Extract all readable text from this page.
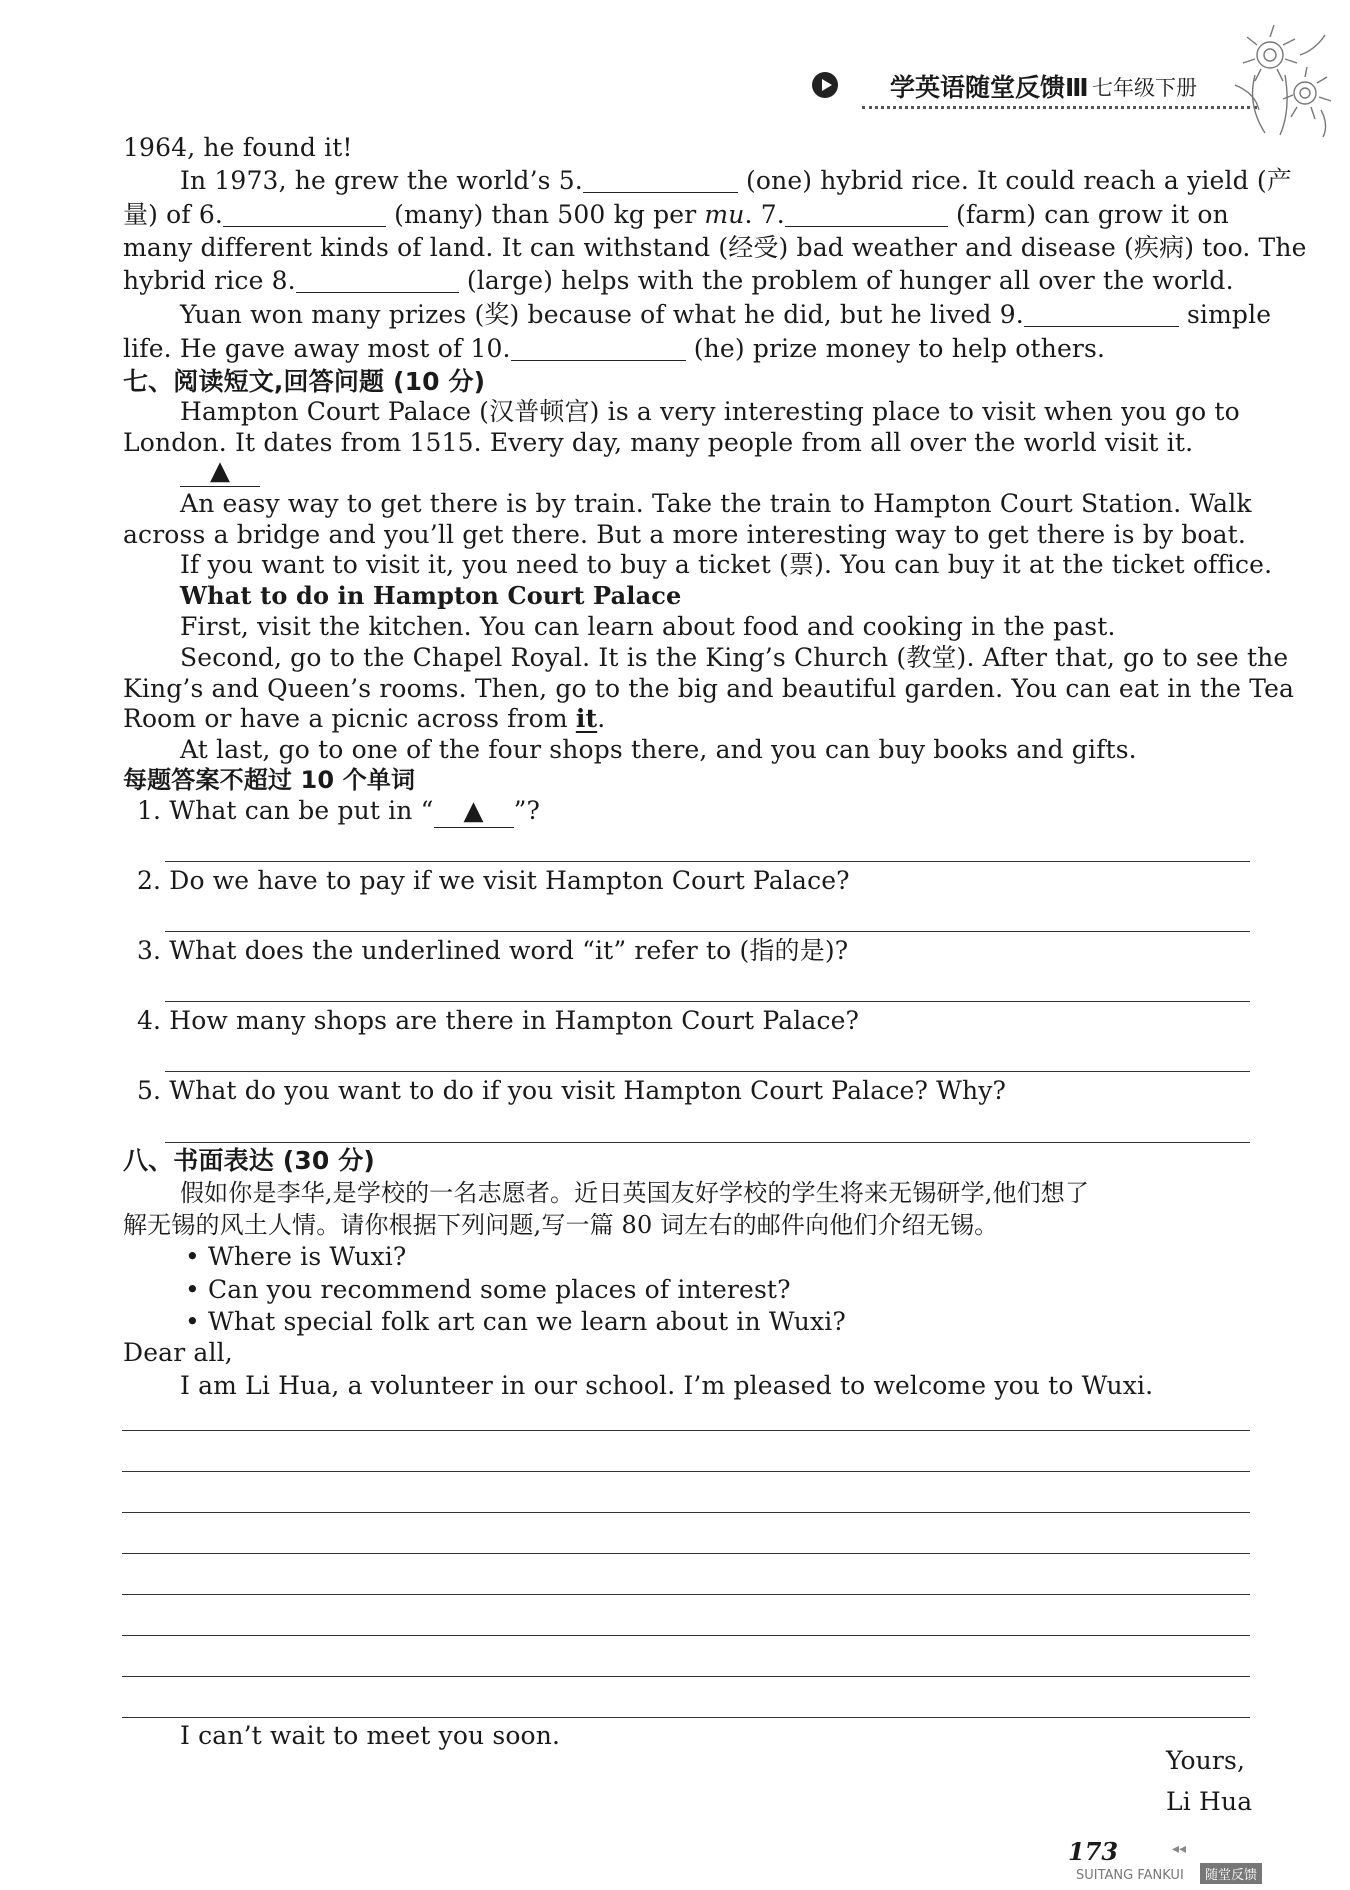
学英语随堂反馈Ⅲ 七年级下册
1964, he found it!
In 1973, he grew the world’s 5.	(one) hybrid rice. It could reach a yield (产
量) of 6.	(many) than 500 kg per mu. 7.	(farm) can grow it on
many different kinds of land. It can withstand (经受) bad weather and disease (疾病) too. The
hybrid rice 8.	(large) helps with the problem of hunger all over the world.
Yuan won many prizes (奖) because of what he did, but he lived 9.	simple
life. He gave away most of 10.	(he) prize money to help others.
七、阅读短文,回答问题 (10 分)
Hampton Court Palace (汉普顿宫) is a very interesting place to visit when you go to
London. It dates from 1515. Every day, many people from all over the world visit it.
▲
An easy way to get there is by train. Take the train to Hampton Court Station. Walk
across a bridge and you’ll get there. But a more interesting way to get there is by boat.
If you want to visit it, you need to buy a ticket (票). You can buy it at the ticket office.
What to do in Hampton Court Palace
First, visit the kitchen. You can learn about food and cooking in the past.
Second, go to the Chapel Royal. It is the King’s Church (教堂). After that, go to see the
King’s and Queen’s rooms. Then, go to the big and beautiful garden. You can eat in the Tea
Room or have a picnic across from it.
At last, go to one of the four shops there, and you can buy books and gifts.
每题答案不超过 10 个单词
1. What can be put in “ ▲ ”?
2. Do we have to pay if we visit Hampton Court Palace?
3. What does the underlined word “it” refer to (指的是)?
4. How many shops are there in Hampton Court Palace?
5. What do you want to do if you visit Hampton Court Palace? Why?
八、书面表达 (30 分)
假如你是李华,是学校的一名志愿者。近日英国友好学校的学生将来无锡研学,他们想了
解无锡的风土人情。请你根据下列问题,写一篇 80 词左右的邮件向他们介绍无锡。
• Where is Wuxi?
• Can you recommend some places of interest?
• What special folk art can we learn about in Wuxi?
Dear all,
I am Li Hua, a volunteer in our school. I’m pleased to welcome you to Wuxi.
I can’t wait to meet you soon.
Yours,
Li Hua
173	◂◂
SUITANG FANKUI	随堂反馈
